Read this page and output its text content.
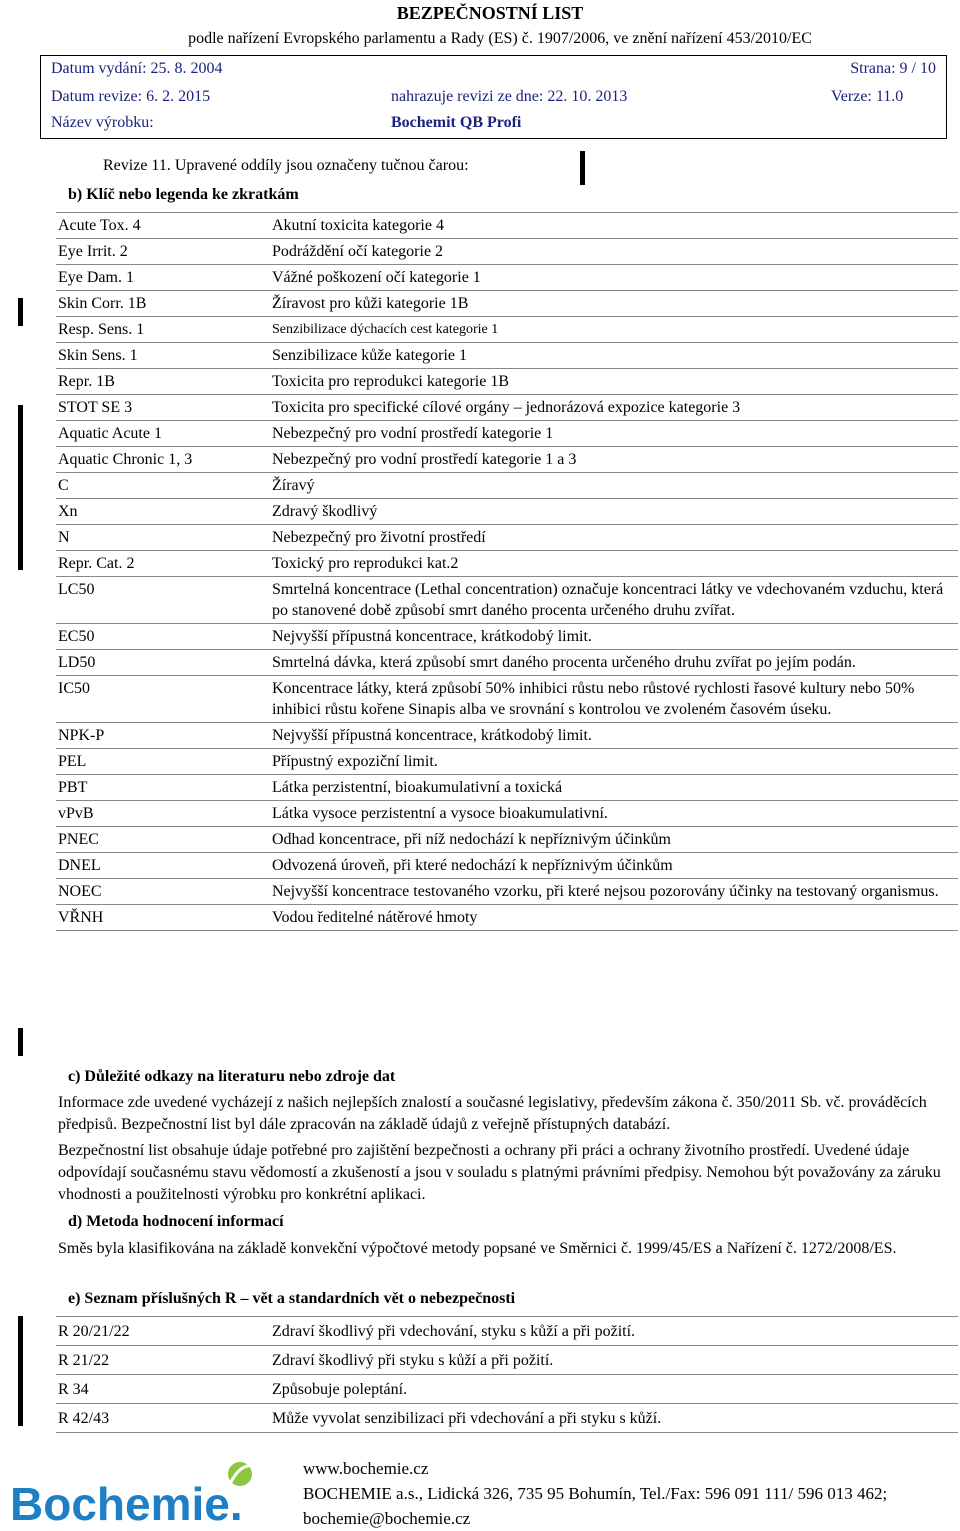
BEZPEČNOSTNÍ LIST
podle nařízení Evropského parlamentu a Rady (ES) č. 1907/2006, ve znění nařízení 453/2010/EC
Datum vydání: 25. 8. 2004	Strana: 9 / 10
Datum revize: 6. 2. 2015	nahrazuje revizi ze dne: 22. 10. 2013	Verze: 11.0
Název výrobku:	Bochemit QB Profi
Revize 11. Upravené oddíly jsou označeny tučnou čarou:
b) Klíč nebo legenda ke zkratkám
Acute Tox. 4	Akutní toxicita kategorie 4
Eye Irrit. 2	Podráždění očí kategorie 2
Eye Dam. 1	Vážné poškození očí kategorie 1
Skin Corr. 1B	Žíravost pro kůži kategorie 1B
Resp. Sens. 1	Senzibilizace dýchacích cest kategorie 1
Skin Sens. 1	Senzibilizace kůže kategorie 1
Repr. 1B	Toxicita pro reprodukci kategorie 1B
STOT SE 3	Toxicita pro specifické cílové orgány – jednorázová expozice kategorie 3
Aquatic Acute 1	Nebezpečný pro vodní prostředí kategorie 1
Aquatic Chronic 1, 3	Nebezpečný pro vodní prostředí kategorie 1 a 3
C	Žíravý
Xn	Zdravý škodlivý
N	Nebezpečný pro životní prostředí
Repr. Cat. 2	Toxický pro reprodukci kat.2
LC50	Smrtelná koncentrace (Lethal concentration) označuje koncentraci látky ve vdechovaném vzduchu, která po stanovené době způsobí smrt daného procenta určeného druhu zvířat.
EC50	Nejvyšší přípustná koncentrace, krátkodobý limit.
LD50	Smrtelná dávka, která způsobí smrt daného procenta určeného druhu zvířat po jejím podán.
IC50	Koncentrace látky, která způsobí 50% inhibici růstu nebo růstové rychlosti řasové kultury nebo 50% inhibici růstu kořene Sinapis alba ve srovnání s kontrolou ve zvoleném časovém úseku.
NPK-P	Nejvyšší přípustná koncentrace, krátkodobý limit.
PEL	Přípustný expoziční limit.
PBT	Látka perzistentní, bioakumulativní a toxická
vPvB	Látka vysoce perzistentní a vysoce bioakumulativní.
PNEC	Odhad koncentrace, při níž nedochází k nepříznivým účinkům
DNEL	Odvozená úroveň, při které nedochází k nepříznivým účinkům
NOEC	Nejvyšší koncentrace testovaného vzorku, při které nejsou pozorovány účinky na testovaný organismus.
VŘNH	Vodou ředitelné nátěrové hmoty
c) Důležité odkazy na literaturu nebo zdroje dat
Informace zde uvedené vycházejí z našich nejlepších znalostí a současné legislativy, především zákona č. 350/2011 Sb. vč. prováděcích předpisů. Bezpečnostní list byl dále zpracován na základě údajů z veřejně přístupných databází.
Bezpečnostní list obsahuje údaje potřebné pro zajištění bezpečnosti a ochrany při práci a ochrany životního prostředí. Uvedené údaje odpovídají současnému stavu vědomostí a zkušeností a jsou v souladu s platnými právními předpisy. Nemohou být považovány za záruku vhodnosti a použitelnosti výrobku pro konkrétní aplikaci.
d) Metoda hodnocení informací
Směs byla klasifikována na základě konvekční výpočtové metody popsané ve Směrnici č. 1999/45/ES a Nařízení č. 1272/2008/ES.
e) Seznam příslušných R – vět a standardních vět o nebezpečnosti
R 20/21/22	Zdraví škodlivý při vdechování, styku s kůží a při požití.
R 21/22	Zdraví škodlivý při styku s kůží a při požití.
R 34	Způsobuje poleptání.
R 42/43	Může vyvolat senzibilizaci při vdechování a při styku s kůží.
Bochemie.
www.bochemie.cz
BOCHEMIE a.s., Lidická 326, 735 95 Bohumín, Tel./Fax: 596 091 111/ 596 013 462;
bochemie@bochemie.cz
